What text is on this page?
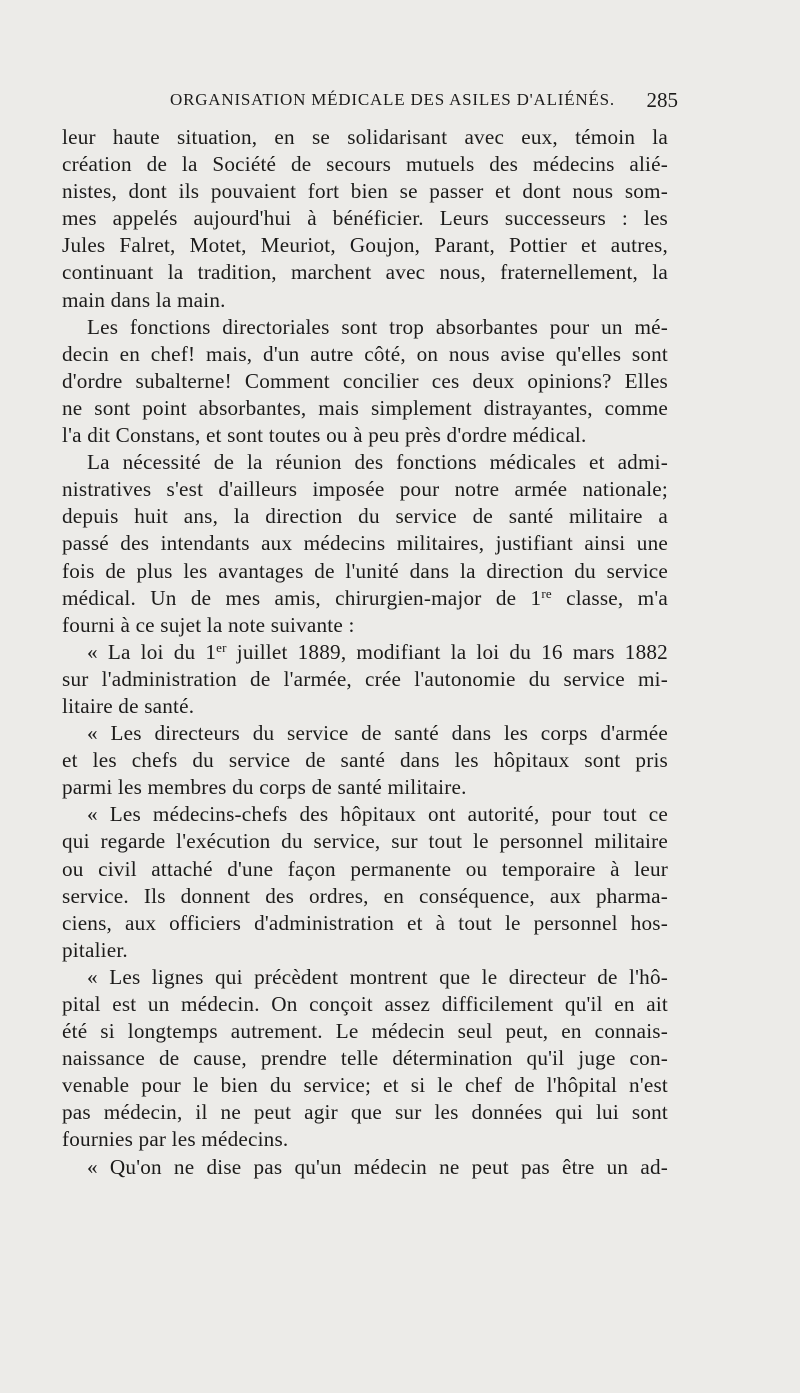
ORGANISATION MÉDICALE DES ASILES D'ALIÉNÉS. 285
leur haute situation, en se solidarisant avec eux, témoin la
création de la Société de secours mutuels des médecins alié-
nistes, dont ils pouvaient fort bien se passer et dont nous som-
mes appelés aujourd'hui à bénéficier. Leurs successeurs : les
Jules Falret, Motet, Meuriot, Goujon, Parant, Pottier et autres,
continuant la tradition, marchent avec nous, fraternellement, la
main dans la main.
Les fonctions directoriales sont trop absorbantes pour un mé-
decin en chef! mais, d'un autre côté, on nous avise qu'elles sont
d'ordre subalterne! Comment concilier ces deux opinions? Elles
ne sont point absorbantes, mais simplement distrayantes, comme
l'a dit Constans, et sont toutes ou à peu près d'ordre médical.
La nécessité de la réunion des fonctions médicales et admi-
nistratives s'est d'ailleurs imposée pour notre armée nationale;
depuis huit ans, la direction du service de santé militaire a
passé des intendants aux médecins militaires, justifiant ainsi une
fois de plus les avantages de l'unité dans la direction du service
médical. Un de mes amis, chirurgien-major de 1re classe, m'a
fourni à ce sujet la note suivante :
« La loi du 1er juillet 1889, modifiant la loi du 16 mars 1882
sur l'administration de l'armée, crée l'autonomie du service mi-
litaire de santé.
« Les directeurs du service de santé dans les corps d'armée
et les chefs du service de santé dans les hôpitaux sont pris
parmi les membres du corps de santé militaire.
« Les médecins-chefs des hôpitaux ont autorité, pour tout ce
qui regarde l'exécution du service, sur tout le personnel militaire
ou civil attaché d'une façon permanente ou temporaire à leur
service. Ils donnent des ordres, en conséquence, aux pharma-
ciens, aux officiers d'administration et à tout le personnel hos-
pitalier.
« Les lignes qui précèdent montrent que le directeur de l'hô-
pital est un médecin. On conçoit assez difficilement qu'il en ait
été si longtemps autrement. Le médecin seul peut, en connais-
naissance de cause, prendre telle détermination qu'il juge con-
venable pour le bien du service; et si le chef de l'hôpital n'est
pas médecin, il ne peut agir que sur les données qui lui sont
fournies par les médecins.
« Qu'on ne dise pas qu'un médecin ne peut pas être un ad-
